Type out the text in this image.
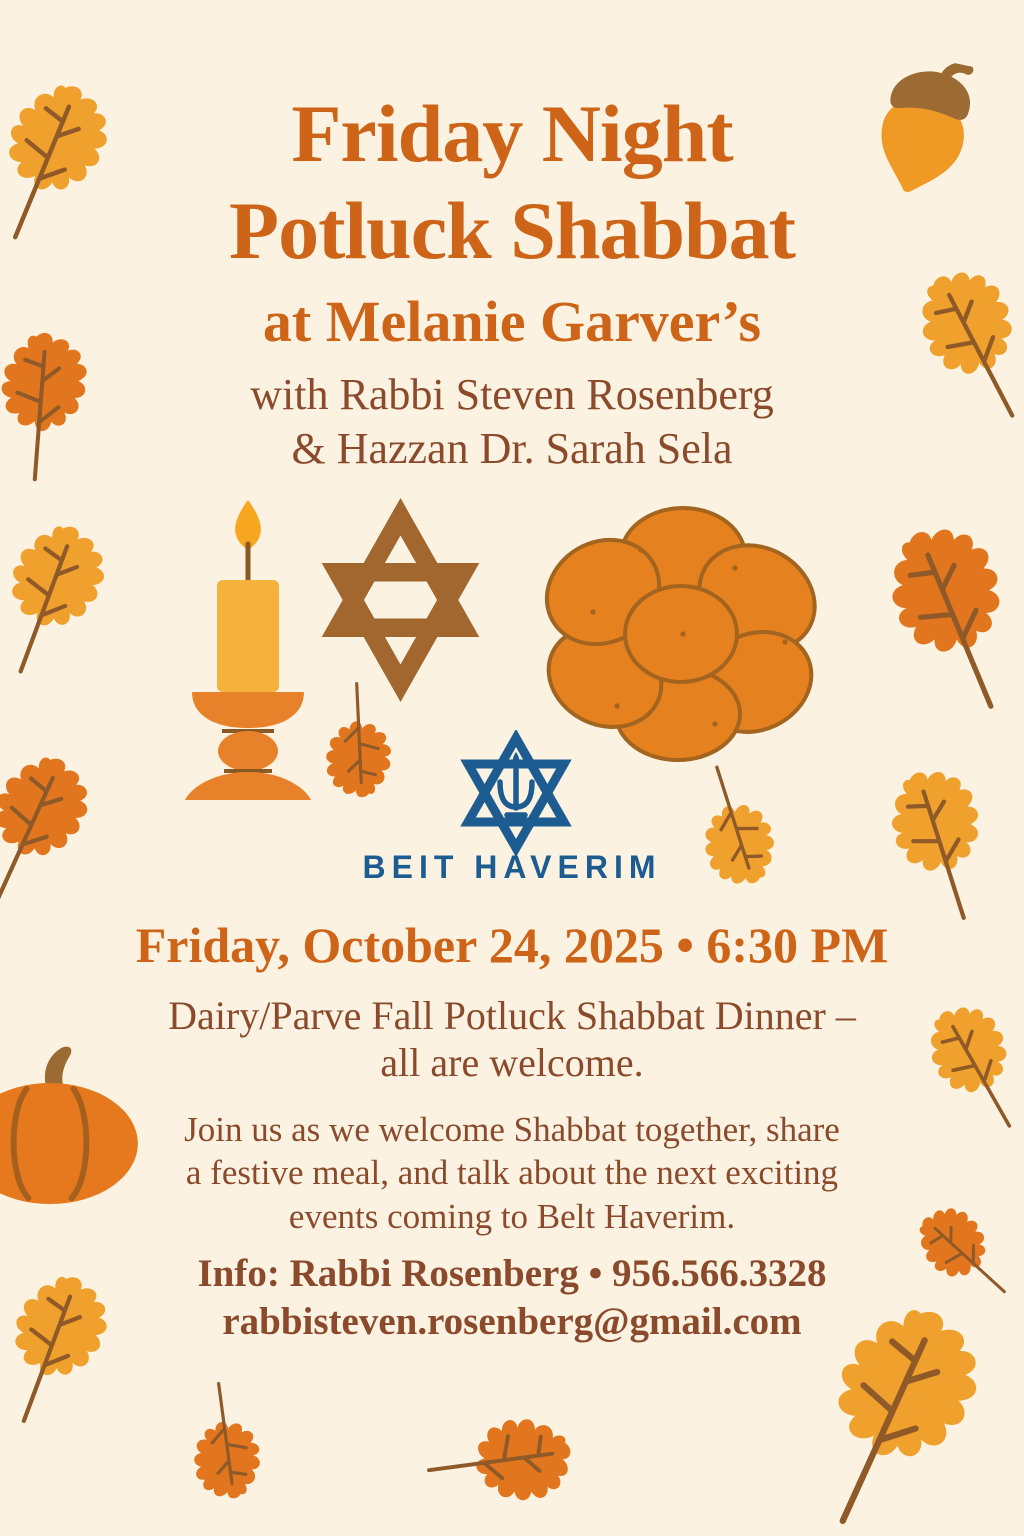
Friday Night
Potluck Shabbat
at Melanie Garver’s
with Rabbi Steven Rosenberg
& Hazzan Dr. Sarah Sela
BEIT HAVERIM
Friday, October 24, 2025 • 6:30 PM
Dairy/Parve Fall Potluck Shabbat Dinner –
all are welcome.
Join us as we welcome Shabbat together, share
a festive meal, and talk about the next exciting
events coming to Belt Haverim.
Info: Rabbi Rosenberg • 956.566.3328
rabbisteven.rosenberg@gmail.com
